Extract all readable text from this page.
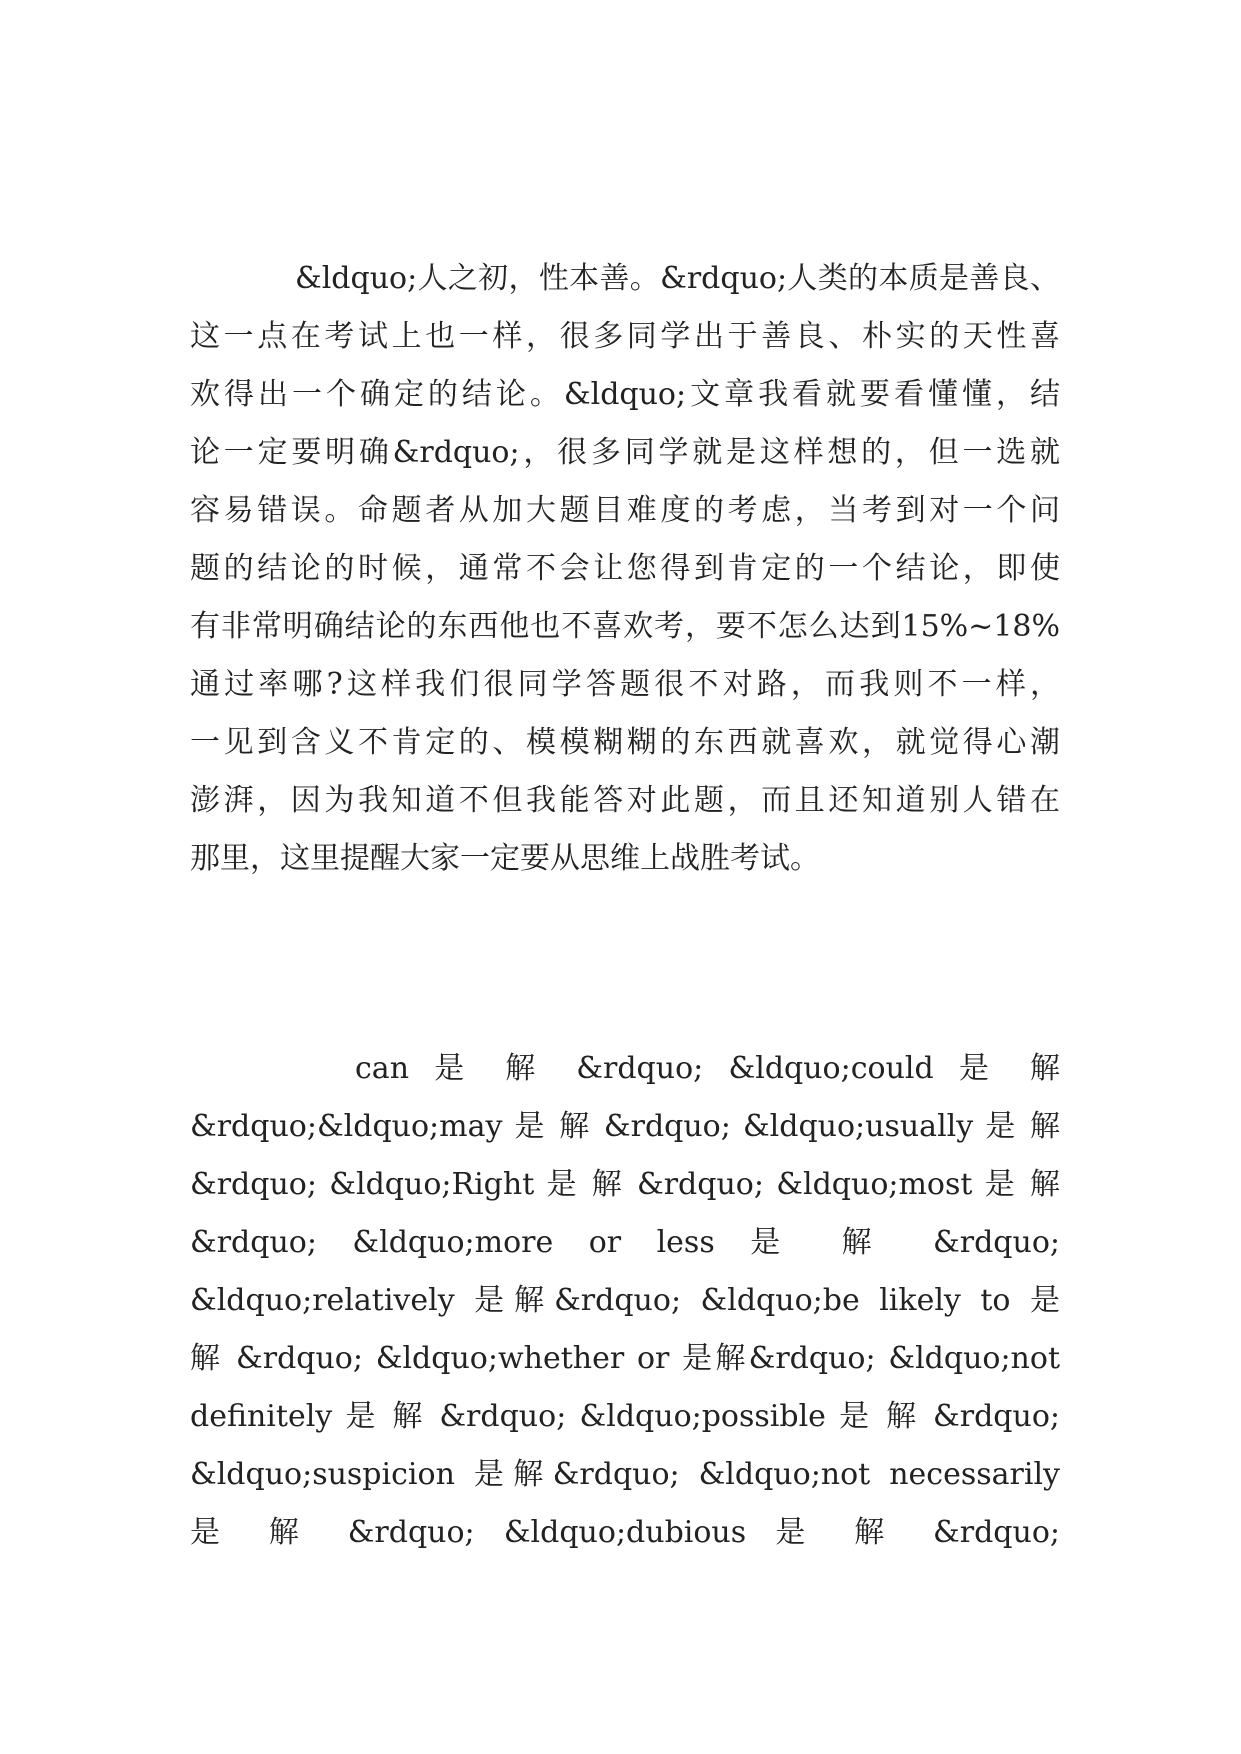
&ldquo;人之初，性本善。&rdquo;人类的本质是善良、
这一点在考试上也一样，很多同学出于善良、朴实的天性喜
欢得出一个确定的结论。&ldquo;文章我看就要看懂懂，结
论一定要明确&rdquo;，很多同学就是这样想的，但一选就
容易错误。命题者从加大题目难度的考虑，当考到对一个问
题的结论的时候，通常不会让您得到肯定的一个结论，即使
有非常明确结论的东西他也不喜欢考，要不怎么达到15%~18%
通过率哪?这样我们很同学答题很不对路，而我则不一样，
一见到含义不肯定的、模模糊糊的东西就喜欢，就觉得心潮
澎湃，因为我知道不但我能答对此题，而且还知道别人错在
那里，这里提醒大家一定要从思维上战胜考试。
can 是 解 &rdquo; &ldquo;could 是 解
&rdquo;&ldquo;may 是 解 &rdquo; &ldquo;usually 是 解
&rdquo; &ldquo;Right 是 解 &rdquo; &ldquo;most 是 解
&rdquo; &ldquo;more or less 是 解 &rdquo;
&ldquo;relatively 是解&rdquo; &ldquo;be likely to 是
解 &rdquo; &ldquo;whether or 是解&rdquo; &ldquo;not
definitely 是 解 &rdquo; &ldquo;possible 是 解 &rdquo;
&ldquo;suspicion 是解&rdquo; &ldquo;not necessarily
是 解 &rdquo; &ldquo;dubious 是 解 &rdquo;
